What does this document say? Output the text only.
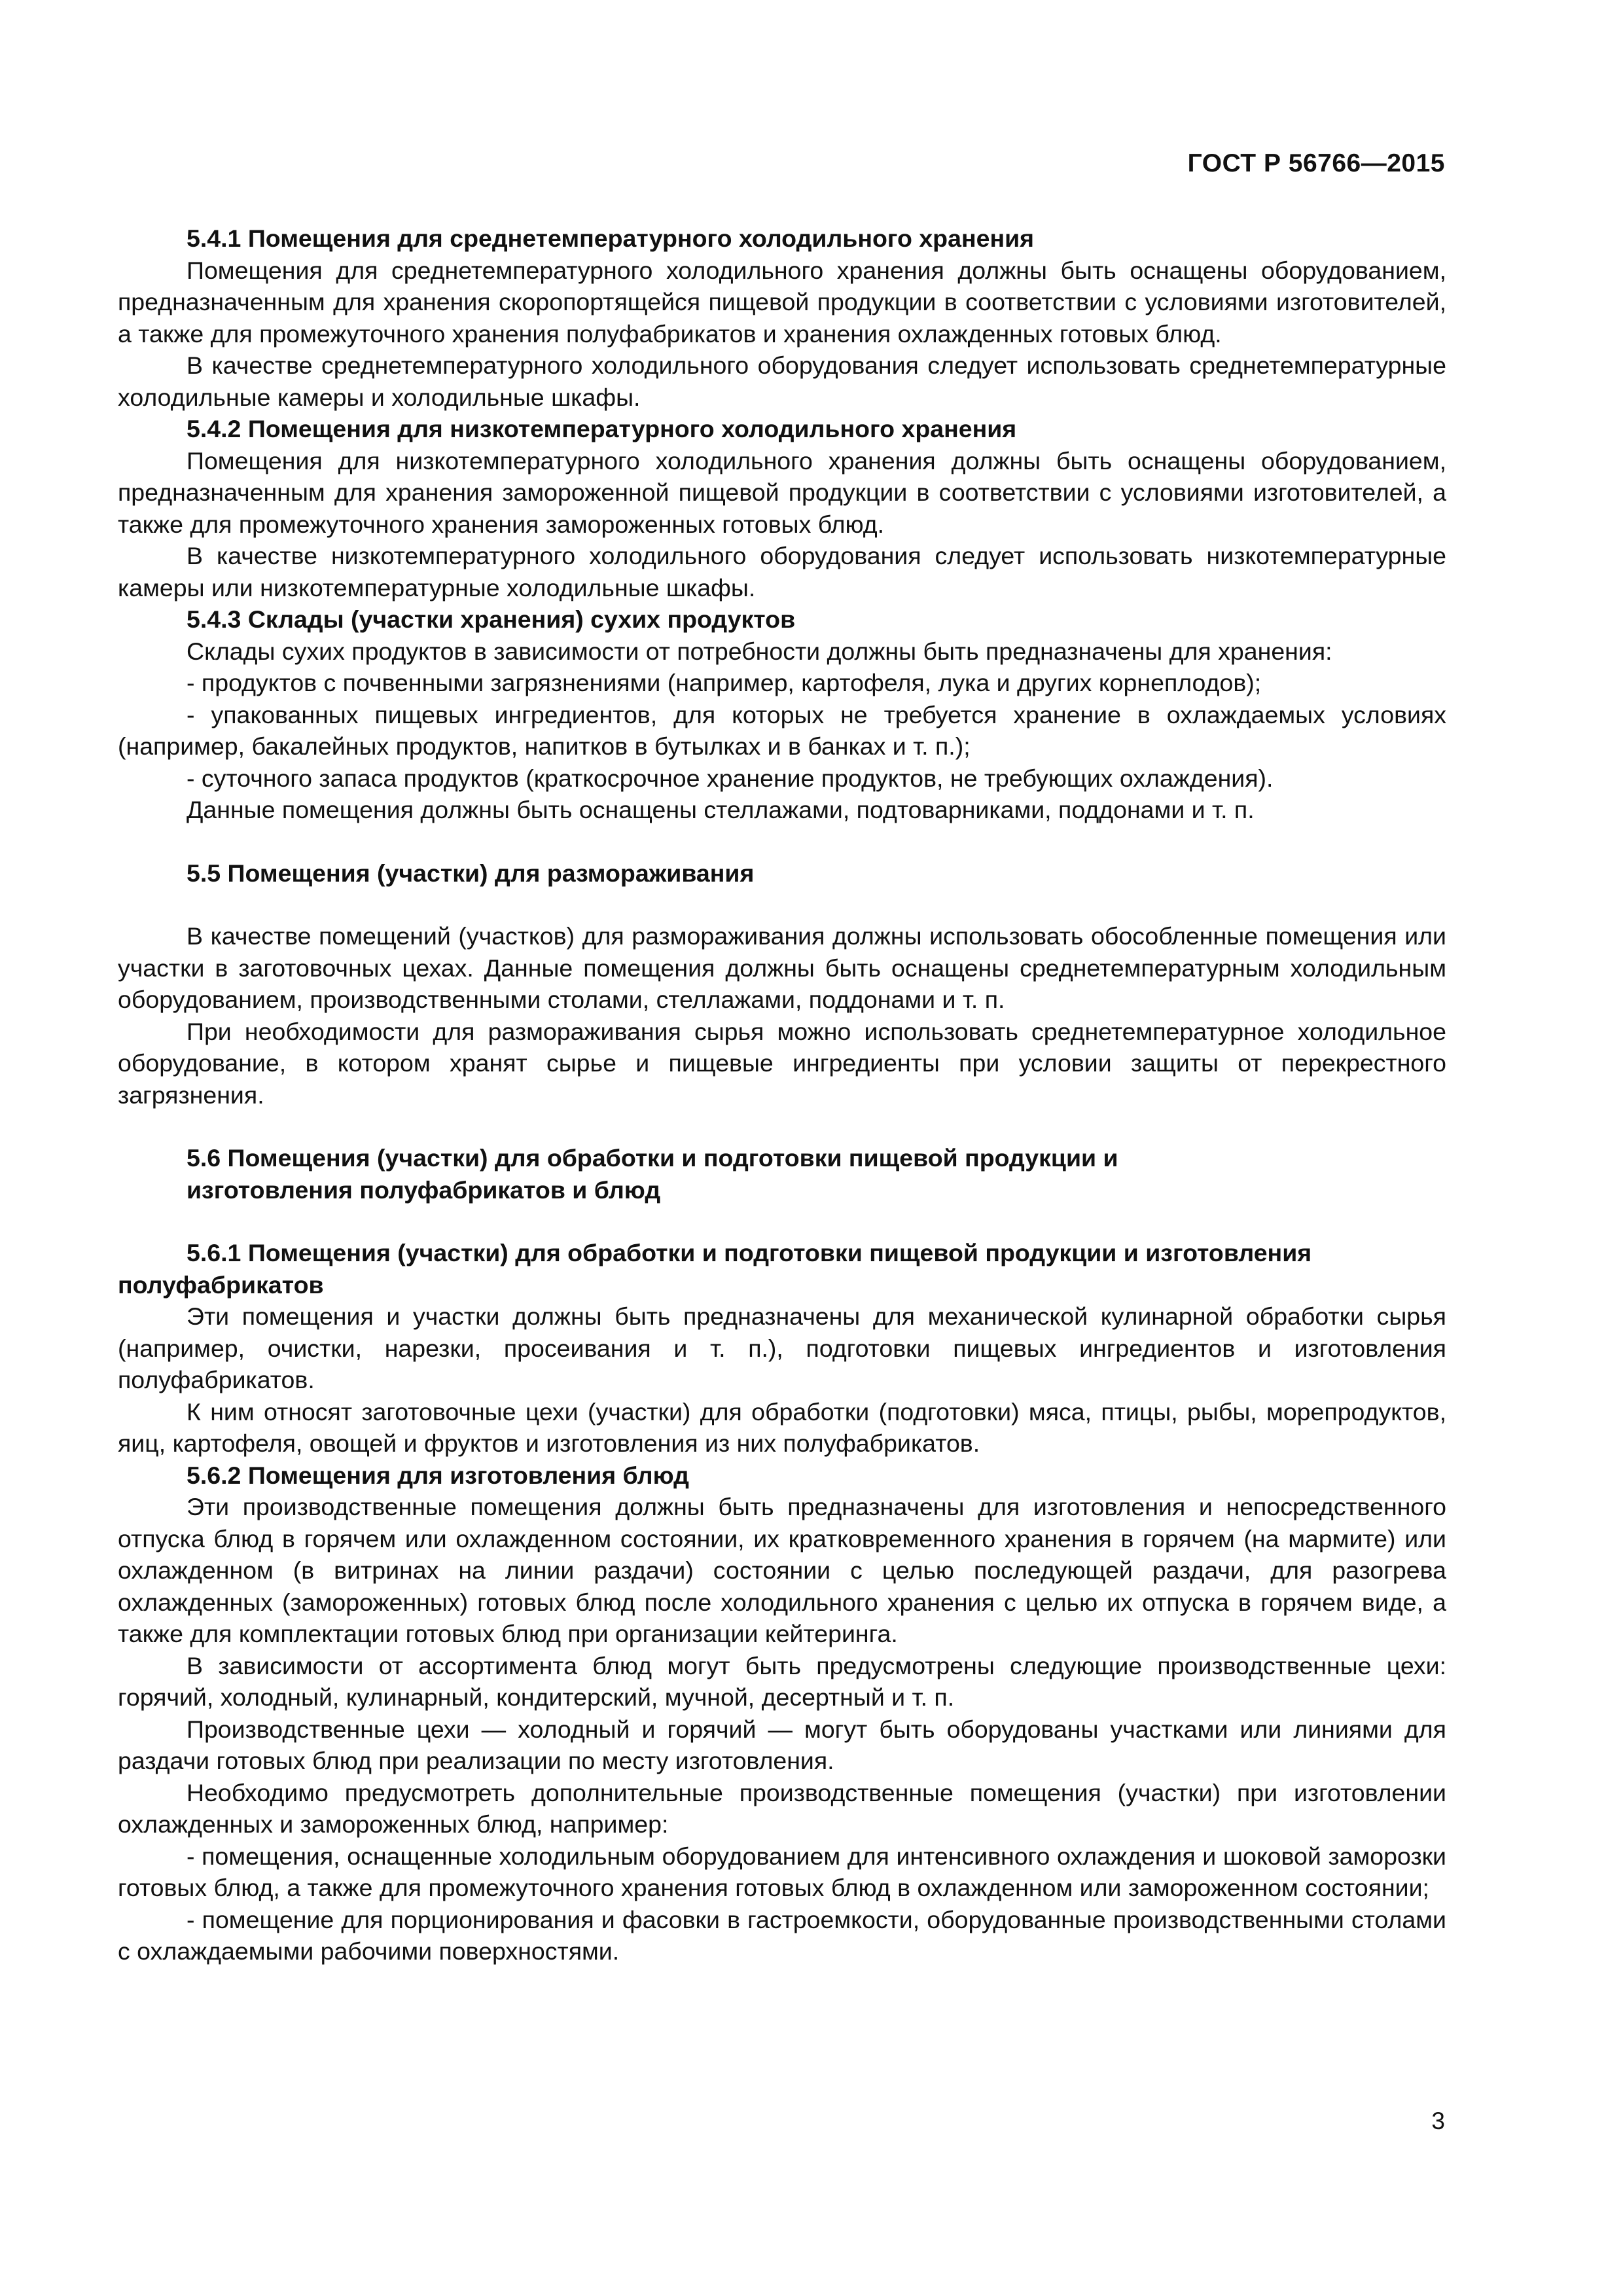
ГОСТ Р 56766—2015

5.4.1 Помещения для среднетемпературного холодильного хранения

Помещения для среднетемпературного холодильного хранения должны быть оснащены оборудованием, предназначенным для хранения скоропортящейся пищевой продукции в соответствии с условиями изготовителей, а также для промежуточного хранения полуфабрикатов и хранения охлажденных готовых блюд.

В качестве среднетемпературного холодильного оборудования следует использовать среднетемпературные холодильные камеры и холодильные шкафы.

5.4.2 Помещения для низкотемпературного холодильного хранения

Помещения для низкотемпературного холодильного хранения должны быть оснащены оборудованием, предназначенным для хранения замороженной пищевой продукции в соответствии с условиями изготовителей, а также для промежуточного хранения замороженных готовых блюд.

В качестве низкотемпературного холодильного оборудования следует использовать низкотемпературные камеры или низкотемпературные холодильные шкафы.

5.4.3 Склады (участки хранения) сухих продуктов

Склады сухих продуктов в зависимости от потребности должны быть предназначены для хранения:

- продуктов с почвенными загрязнениями (например, картофеля, лука и других корнеплодов);

- упакованных пищевых ингредиентов, для которых не требуется хранение в охлаждаемых условиях (например, бакалейных продуктов, напитков в бутылках и в банках и т. п.);

- суточного запаса продуктов (краткосрочное хранение продуктов, не требующих охлаждения).

Данные помещения должны быть оснащены стеллажами, подтоварниками, поддонами и т. п.

5.5 Помещения (участки) для размораживания

В качестве помещений (участков) для размораживания должны использовать обособленные помещения или участки в заготовочных цехах. Данные помещения должны быть оснащены среднетемпературным холодильным оборудованием, производственными столами, стеллажами, поддонами и т. п.

При необходимости для размораживания сырья можно использовать среднетемпературное холодильное оборудование, в котором хранят сырье и пищевые ингредиенты при условии защиты от перекрестного загрязнения.

5.6 Помещения (участки) для обработки и подготовки пищевой продукции и
изготовления полуфабрикатов и блюд

5.6.1 Помещения (участки) для обработки и подготовки пищевой продукции и изготовления полуфабрикатов

Эти помещения и участки должны быть предназначены для механической кулинарной обработки сырья (например, очистки, нарезки, просеивания и т. п.), подготовки пищевых ингредиентов и изготовления полуфабрикатов.

К ним относят заготовочные цехи (участки) для обработки (подготовки) мяса, птицы, рыбы, морепродуктов, яиц, картофеля, овощей и фруктов и изготовления из них полуфабрикатов.

5.6.2 Помещения для изготовления блюд

Эти производственные помещения должны быть предназначены для изготовления и непосредственного отпуска блюд в горячем или охлажденном состоянии, их кратковременного хранения в горячем (на мармите) или охлажденном (в витринах на линии раздачи) состоянии с целью последующей раздачи, для разогрева охлажденных (замороженных) готовых блюд после холодильного хранения с целью их отпуска в горячем виде, а также для комплектации готовых блюд при организации кейтеринга.

В зависимости от ассортимента блюд могут быть предусмотрены следующие производственные цехи: горячий, холодный, кулинарный, кондитерский, мучной, десертный и т. п.

Производственные цехи — холодный и горячий — могут быть оборудованы участками или линиями для раздачи готовых блюд при реализации по месту изготовления.

Необходимо предусмотреть дополнительные производственные помещения (участки) при изготовлении охлажденных и замороженных блюд, например:

- помещения, оснащенные холодильным оборудованием для интенсивного охлаждения и шоковой заморозки готовых блюд, а также для промежуточного хранения готовых блюд в охлажденном или замороженном состоянии;

- помещение для порционирования и фасовки в гастроемкости, оборудованные производственными столами с охлаждаемыми рабочими поверхностями.

3
